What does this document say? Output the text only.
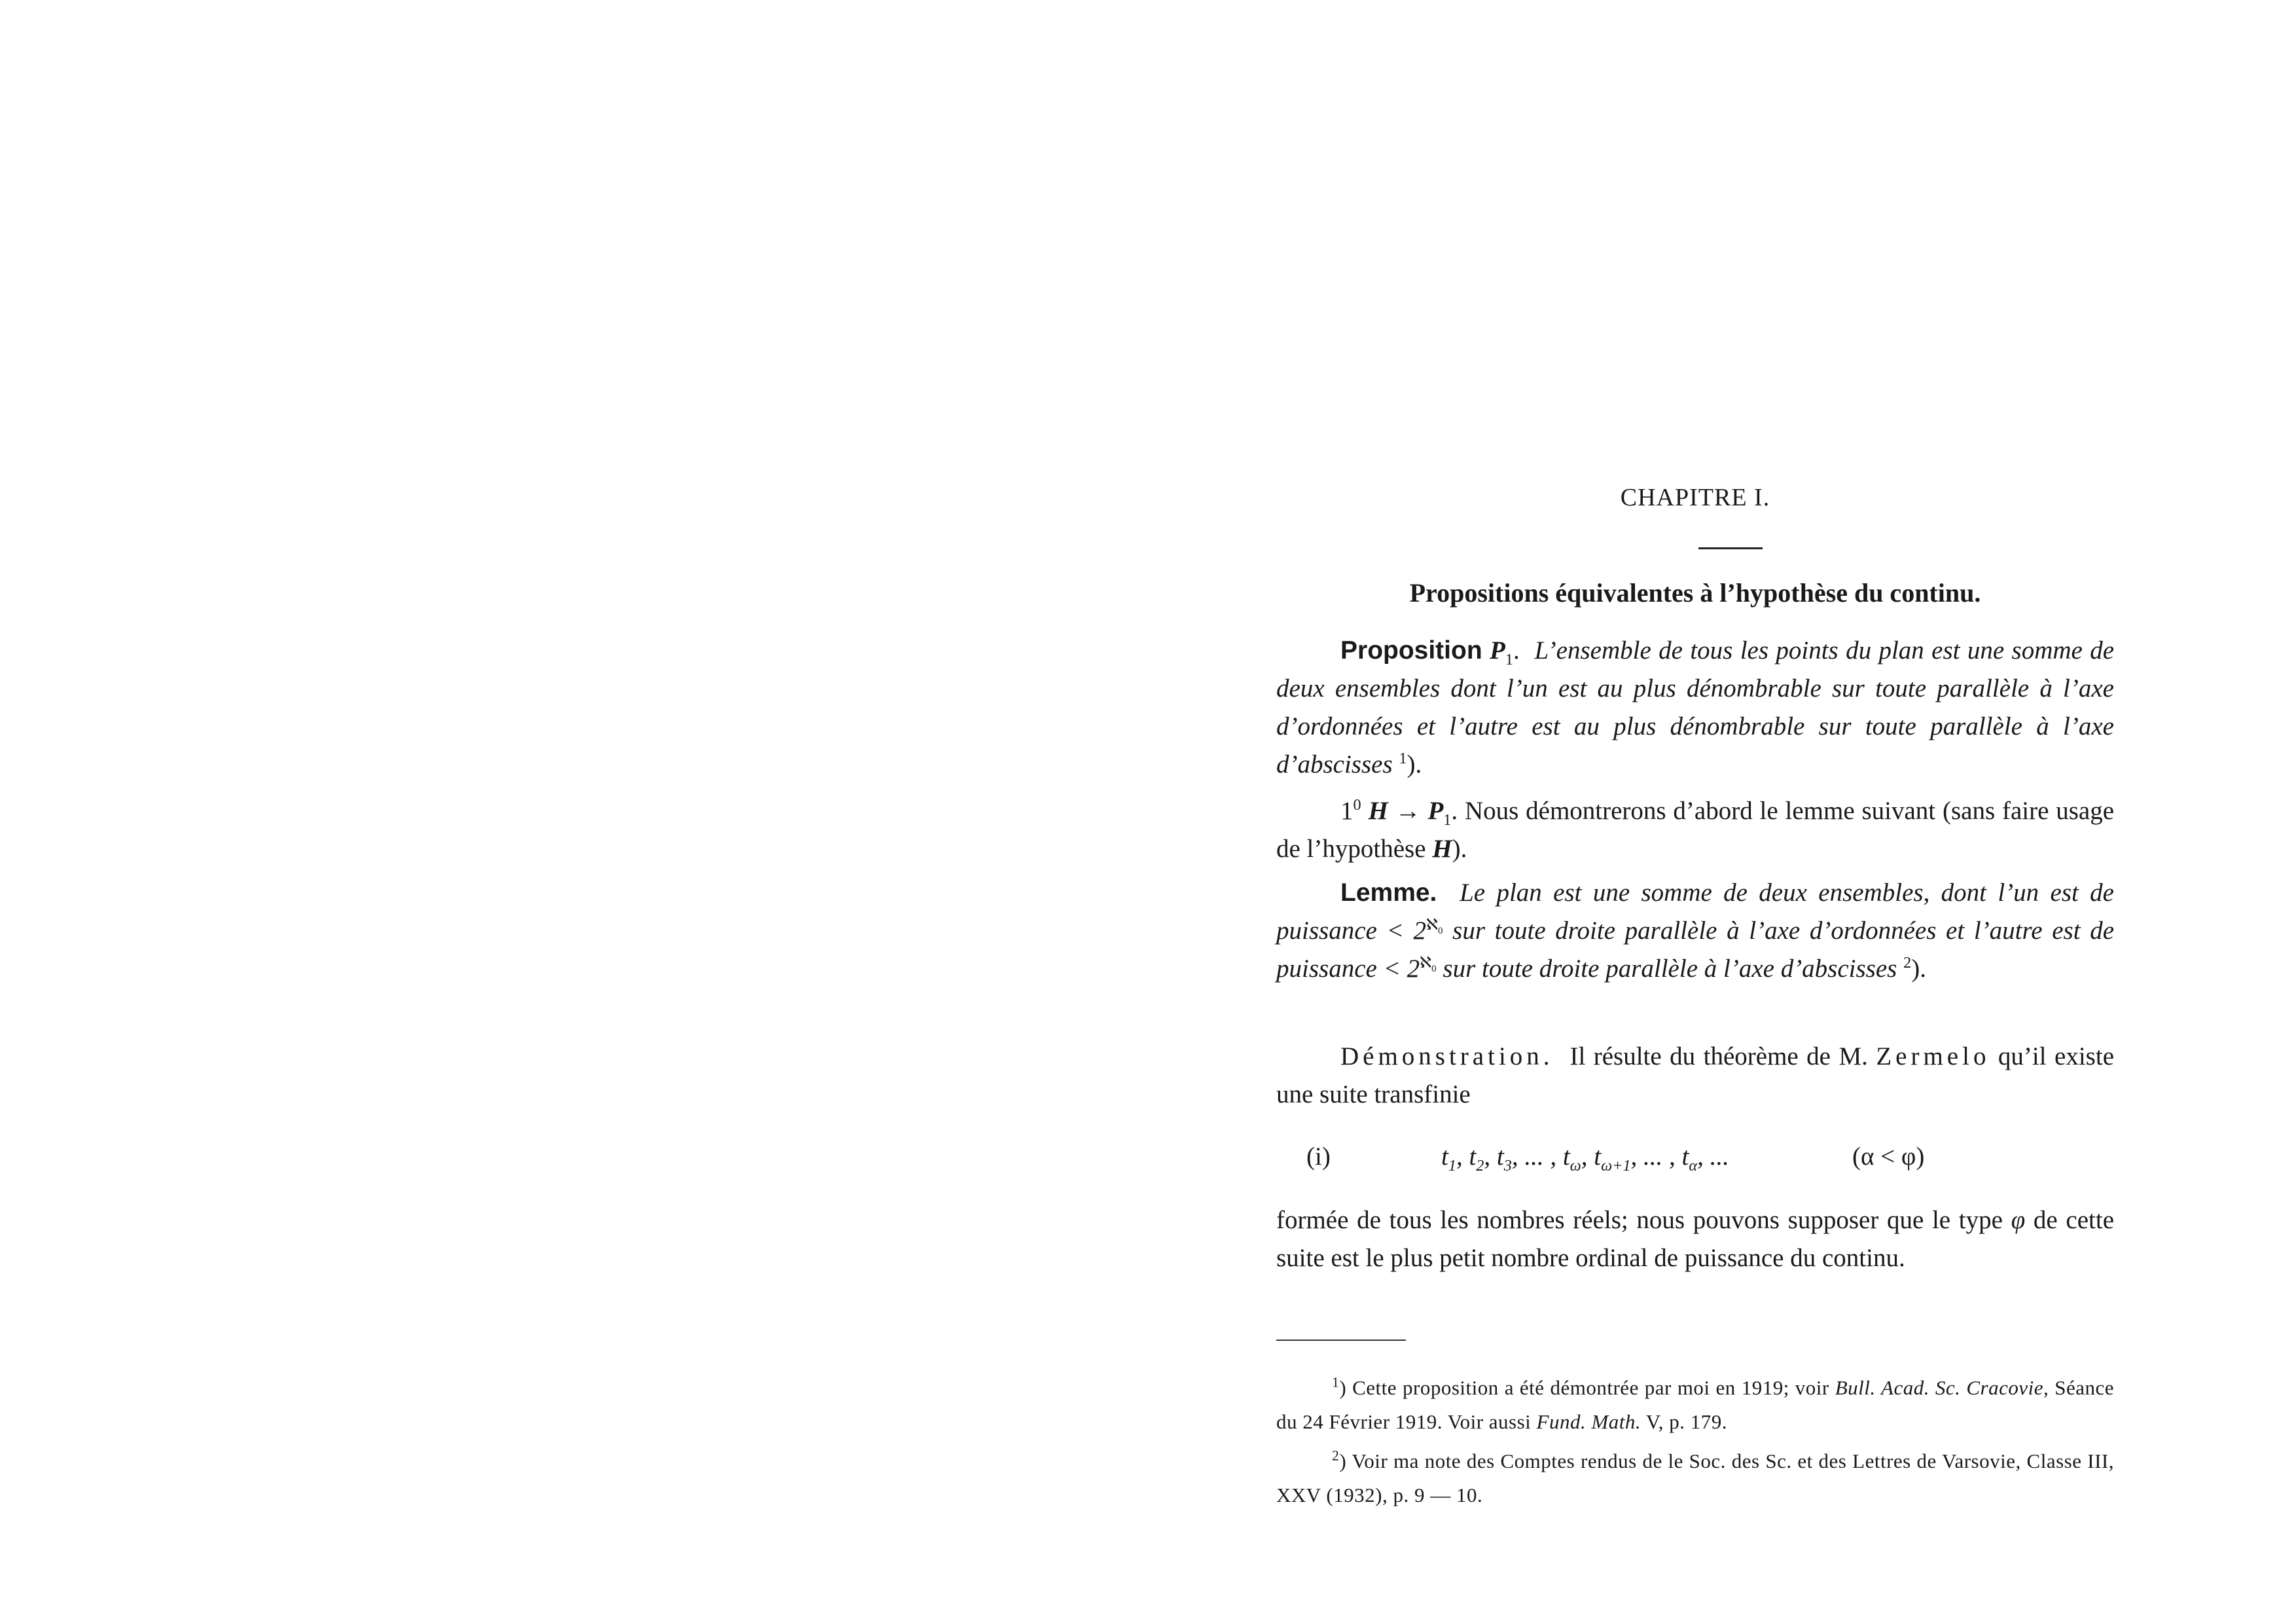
CHAPITRE I.
Propositions équivalentes à l’hypothèse du continu.
Proposition $P_1$. L’ensemble de tous les points du plan est une somme de deux ensembles dont l’un est au plus dénombrable sur toute parallèle à l’axe d’ordonnées et l’autre est au plus dénombrable sur toute parallèle à l’axe d’abscisses $^1$).
$1^0$ $H \to P_1$. Nous démontrerons d’abord le lemme suivant (sans faire usage de l’hypothèse H).
Lemme. Le plan est une somme de deux ensembles, dont l’un est de puissance < $2^{ℵ_0}$ sur toute droite parallèle à l’axe d’ordonnées et l’autre est de puissance < $2^{ℵ_0}$ sur toute droite parallèle à l’axe d’abscisses $^2$).
Démonstration. Il résulte du théorème de M. Zermelo qu’il existe une suite transfinie
(i)	$t_1$, $t_2$, $t_3$, ... , $t_\omega$, $t_{\omega+1}$, ... , $t_\alpha$, ...	(α < φ)
formée de tous les nombres réels; nous pouvons supposer que le type φ de cette suite est le plus petit nombre ordinal de puissance du continu.
$^1$) Cette proposition a été démontrée par moi en 1919; voir Bull. Acad. Sc. Cracovie, Séance du 24 Février 1919. Voir aussi Fund. Math. V, p. 179.
$^2$) Voir ma note des Comptes rendus de le Soc. des Sc. et des Lettres de Varsovie, Classe III, XXV (1932), p. 9 — 10.
